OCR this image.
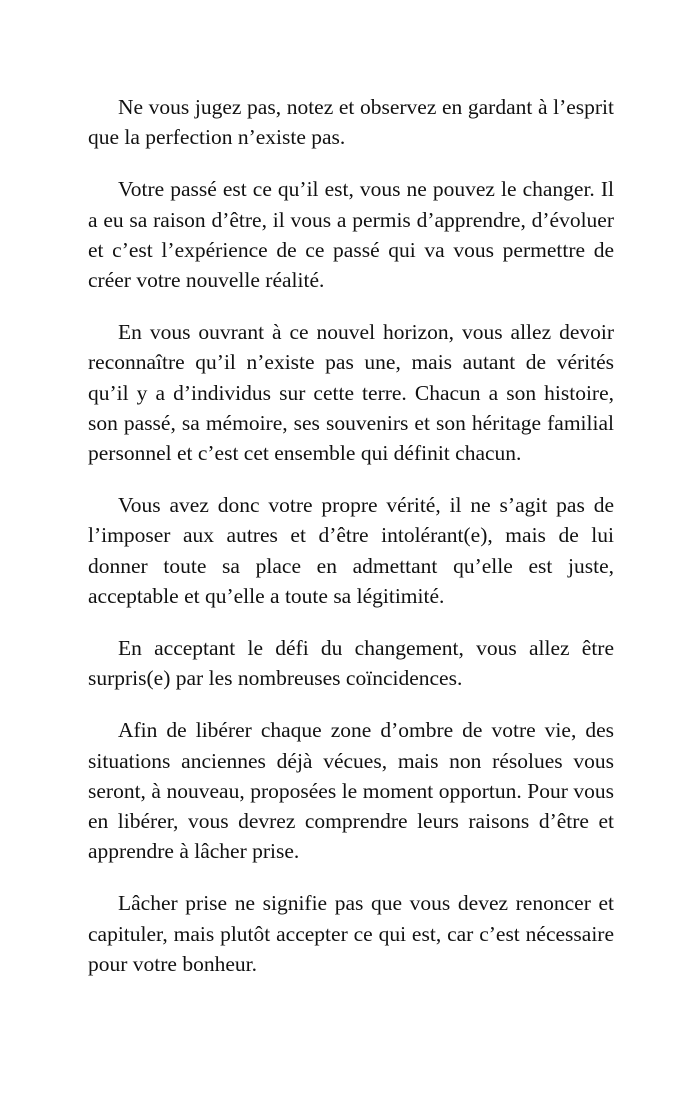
Ne vous jugez pas, notez et observez en gardant à l’esprit que la perfection n’existe pas.

Votre passé est ce qu’il est, vous ne pouvez le changer. Il a eu sa raison d’être, il vous a permis d’apprendre, d’évoluer et c’est l’expérience de ce passé qui va vous permettre de créer votre nouvelle réalité.

En vous ouvrant à ce nouvel horizon, vous allez devoir reconnaître qu’il n’existe pas une, mais autant de vérités qu’il y a d’individus sur cette terre. Chacun a son histoire, son passé, sa mémoire, ses souvenirs et son héritage familial personnel et c’est cet ensemble qui définit chacun.

Vous avez donc votre propre vérité, il ne s’agit pas de l’imposer aux autres et d’être intolérant(e), mais de lui donner toute sa place en admettant qu’elle est juste, acceptable et qu’elle a toute sa légitimité.

En acceptant le défi du changement, vous allez être surpris(e) par les nombreuses coïncidences.

Afin de libérer chaque zone d’ombre de votre vie, des situations anciennes déjà vécues, mais non résolues vous seront, à nouveau, proposées le moment opportun. Pour vous en libérer, vous devrez comprendre leurs raisons d’être et apprendre à lâcher prise.

Lâcher prise ne signifie pas que vous devez renoncer et capituler, mais plutôt accepter ce qui est, car c’est nécessaire pour votre bonheur.
